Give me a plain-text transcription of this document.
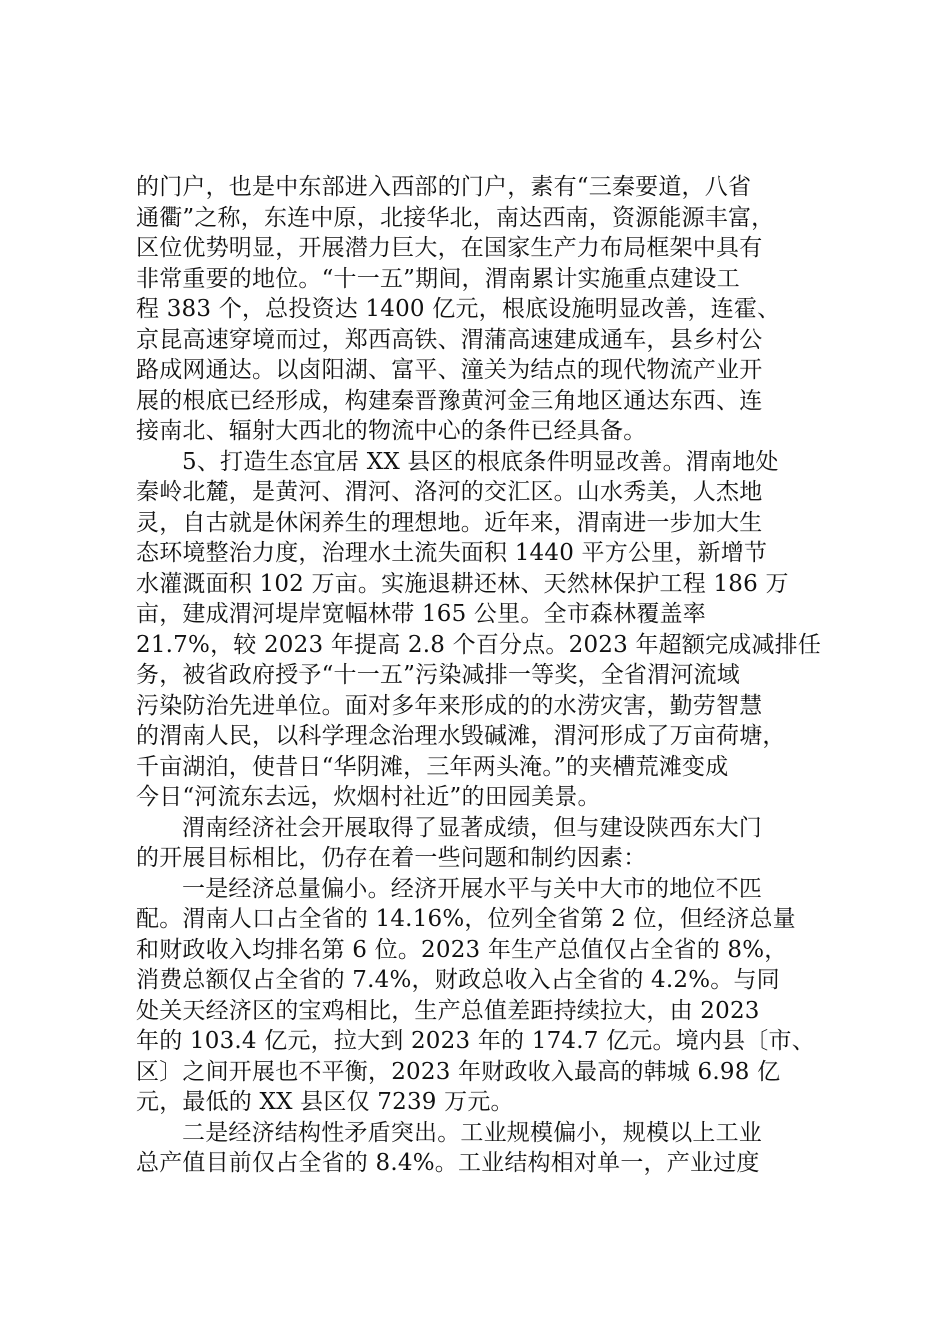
的门户，也是中东部进入西部的门户，素有“三秦要道，八省
通衢”之称，东连中原，北接华北，南达西南，资源能源丰富，
区位优势明显，开展潜力巨大，在国家生产力布局框架中具有
非常重要的地位。“十一五”期间，渭南累计实施重点建设工
程 383 个，总投资达 1400 亿元，根底设施明显改善，连霍、
京昆高速穿境而过，郑西高铁、渭蒲高速建成通车，县乡村公
路成网通达。以卤阳湖、富平、潼关为结点的现代物流产业开
展的根底已经形成，构建秦晋豫黄河金三角地区通达东西、连
接南北、辐射大西北的物流中心的条件已经具备。
5、打造生态宜居 XX 县区的根底条件明显改善。渭南地处
秦岭北麓，是黄河、渭河、洛河的交汇区。山水秀美，人杰地
灵，自古就是休闲养生的理想地。近年来，渭南进一步加大生
态环境整治力度，治理水土流失面积 1440 平方公里，新增节
水灌溉面积 102 万亩。实施退耕还林、天然林保护工程 186 万
亩，建成渭河堤岸宽幅林带 165 公里。全市森林覆盖率
21.7%，较 2023 年提高 2.8 个百分点。2023 年超额完成减排任
务，被省政府授予“十一五”污染减排一等奖，全省渭河流域
污染防治先进单位。面对多年来形成的的水涝灾害，勤劳智慧
的渭南人民，以科学理念治理水毁碱滩，渭河形成了万亩荷塘，
千亩湖泊，使昔日“华阴滩，三年两头淹。”的夹槽荒滩变成
今日“河流东去远，炊烟村社近”的田园美景。
渭南经济社会开展取得了显著成绩，但与建设陕西东大门
的开展目标相比，仍存在着一些问题和制约因素：
一是经济总量偏小。经济开展水平与关中大市的地位不匹
配。渭南人口占全省的 14.16%，位列全省第 2 位，但经济总量
和财政收入均排名第 6 位。2023 年生产总值仅占全省的 8%，
消费总额仅占全省的 7.4%，财政总收入占全省的 4.2%。与同
处关天经济区的宝鸡相比，生产总值差距持续拉大，由 2023
年的 103.4 亿元，拉大到 2023 年的 174.7 亿元。境内县〔市、
区〕之间开展也不平衡，2023 年财政收入最高的韩城 6.98 亿
元，最低的 XX 县区仅 7239 万元。
二是经济结构性矛盾突出。工业规模偏小，规模以上工业
总产值目前仅占全省的 8.4%。工业结构相对单一，产业过度
